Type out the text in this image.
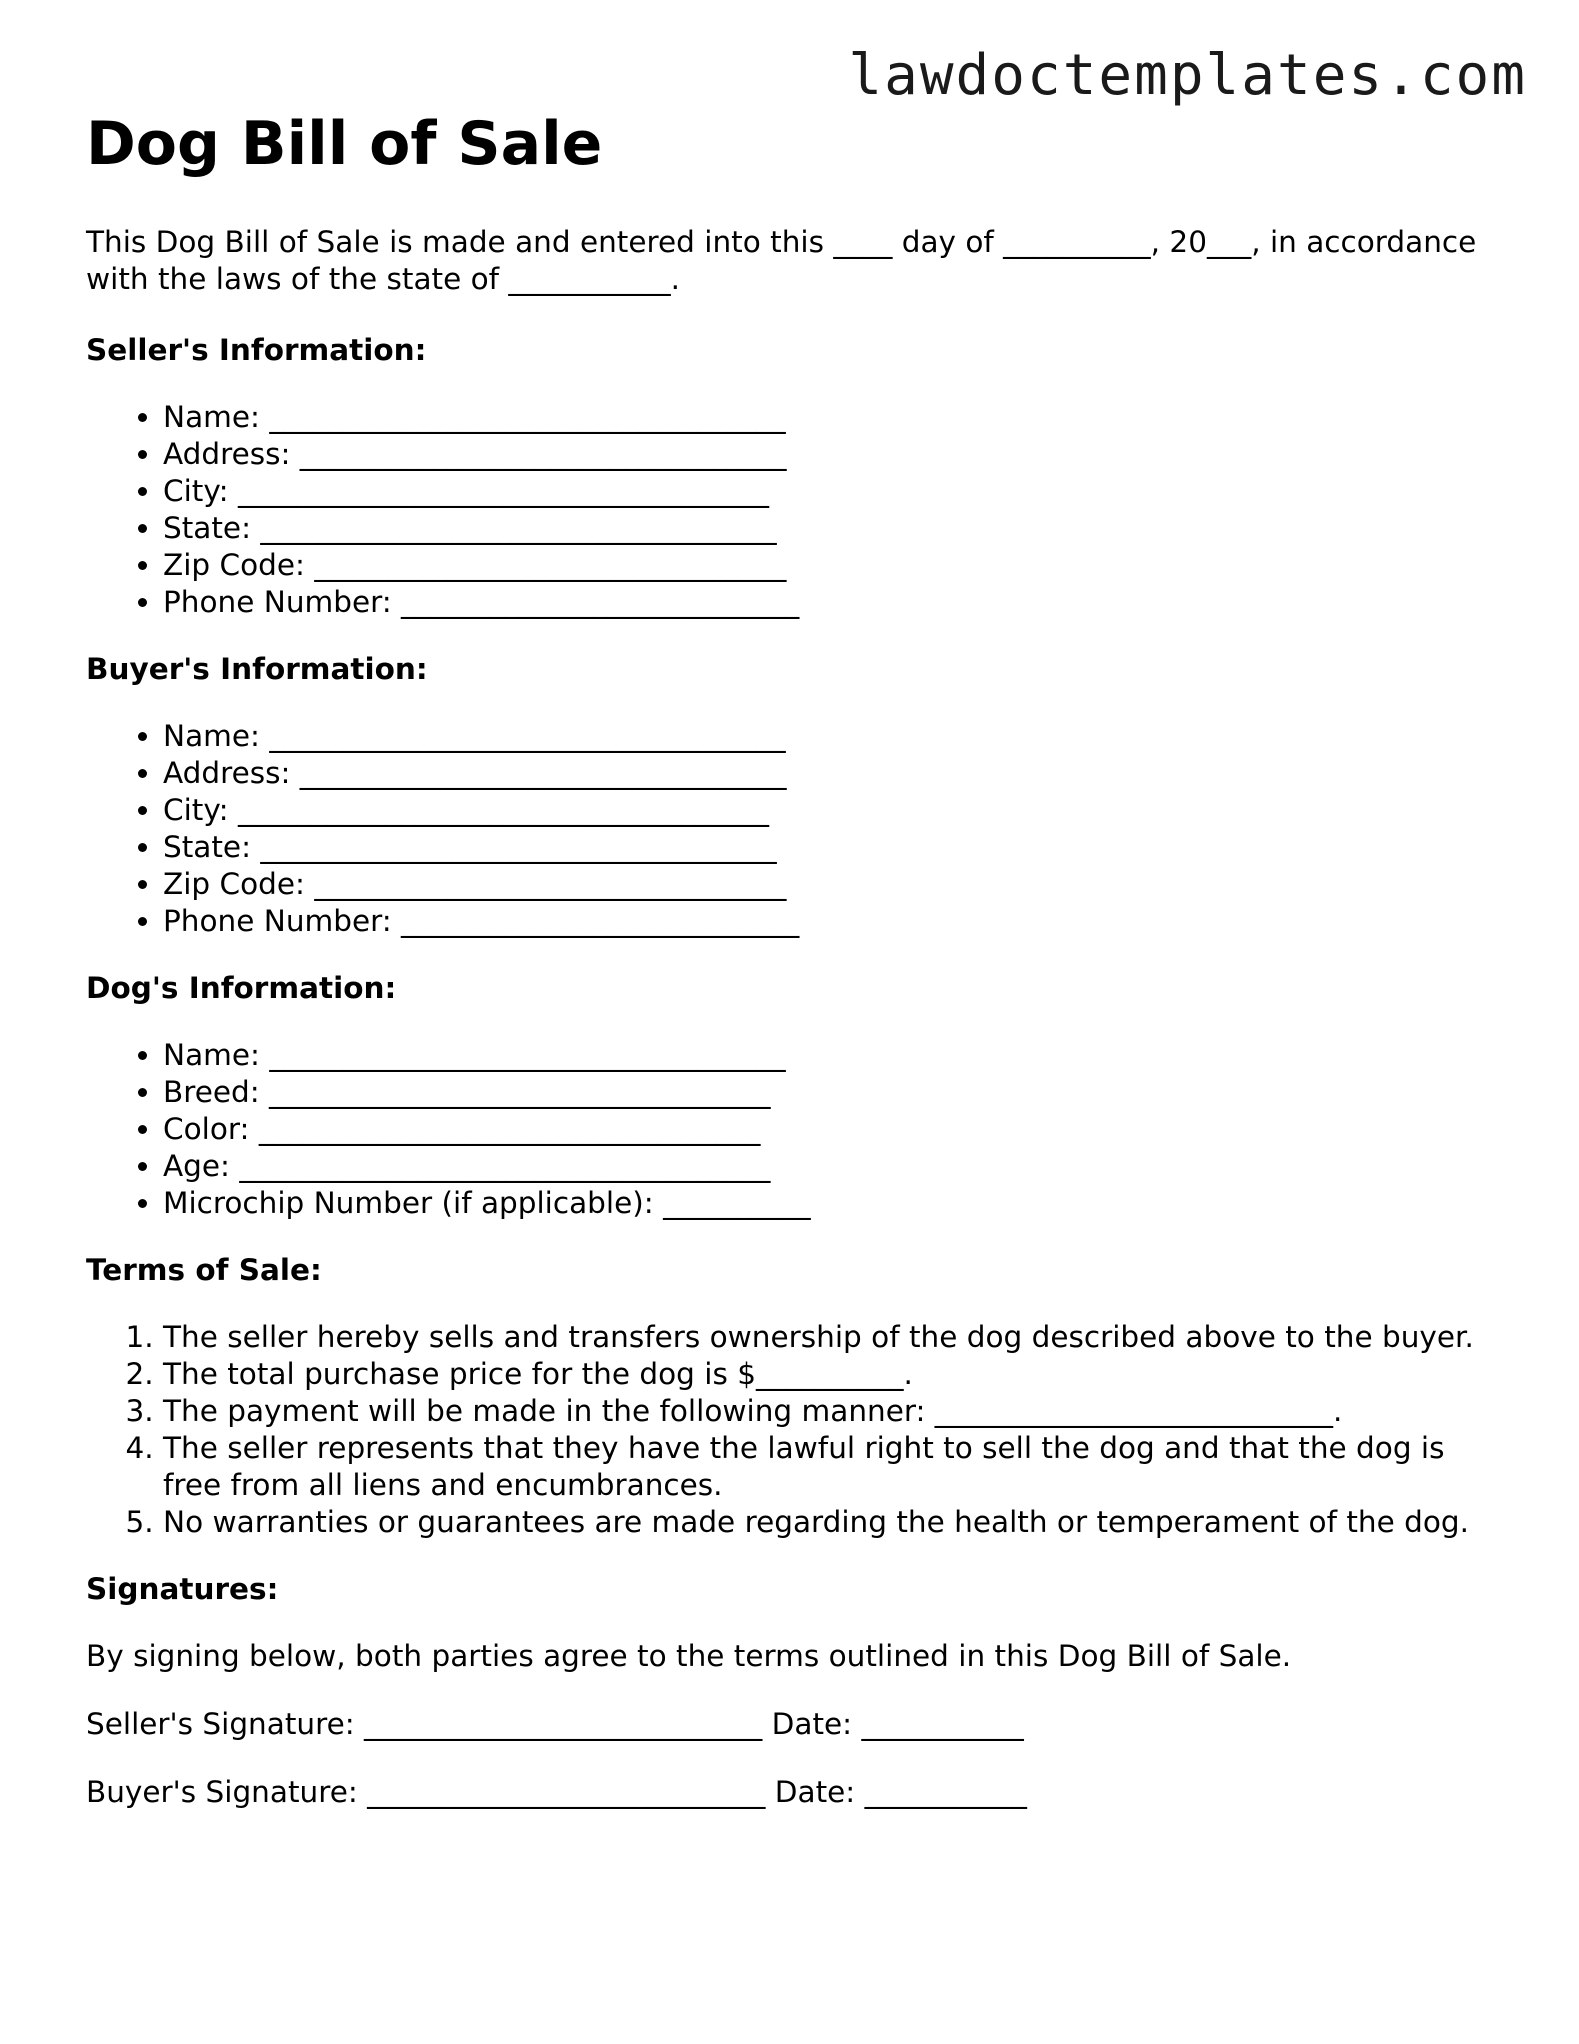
lawdoctemplates.com

Dog Bill of Sale

This Dog Bill of Sale is made and entered into this ____ day of __________, 20___, in accordance with the laws of the state of ___________.

Seller's Information:
• Name: ___________________________________
• Address: _________________________________
• City: ____________________________________
• State: ___________________________________
• Zip Code: ________________________________
• Phone Number: ___________________________
Buyer's Information:
• Name: ___________________________________
• Address: _________________________________
• City: ____________________________________
• State: ___________________________________
• Zip Code: ________________________________
• Phone Number: ___________________________
Dog's Information:
• Name: ___________________________________
• Breed: __________________________________
• Color: __________________________________
• Age: ____________________________________
• Microchip Number (if applicable): __________
Terms of Sale:
1. The seller hereby sells and transfers ownership of the dog described above to the buyer.
2. The total purchase price for the dog is $__________.
3. The payment will be made in the following manner: ___________________________.
4. The seller represents that they have the lawful right to sell the dog and that the dog is free from all liens and encumbrances.
5. No warranties or guarantees are made regarding the health or temperament of the dog.
Signatures:

By signing below, both parties agree to the terms outlined in this Dog Bill of Sale.

Seller's Signature: ___________________________ Date: ___________

Buyer's Signature: ___________________________ Date: ___________
